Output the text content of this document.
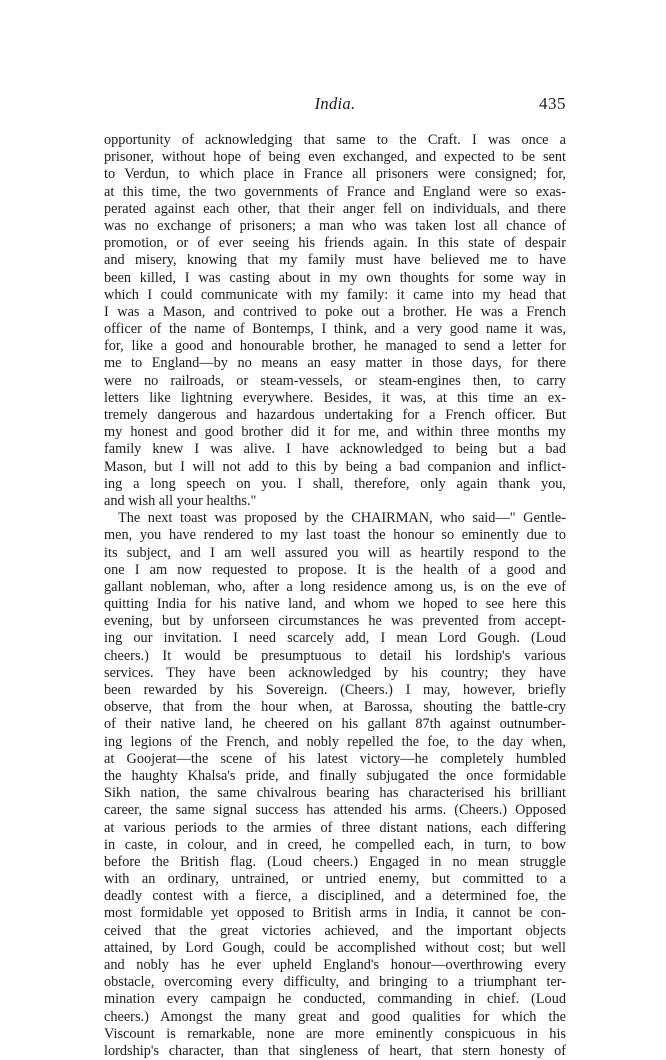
India.	435
opportunity of acknowledging that same to the Craft. I was once a
prisoner, without hope of being even exchanged, and expected to be sent
to Verdun, to which place in France all prisoners were consigned; for,
at this time, the two governments of France and England were so exas-
perated against each other, that their anger fell on individuals, and there
was no exchange of prisoners; a man who was taken lost all chance of
promotion, or of ever seeing his friends again. In this state of despair
and misery, knowing that my family must have believed me to have
been killed, I was casting about in my own thoughts for some way in
which I could communicate with my family: it came into my head that
I was a Mason, and contrived to poke out a brother. He was a French
officer of the name of Bontemps, I think, and a very good name it was,
for, like a good and honourable brother, he managed to send a letter for
me to England—by no means an easy matter in those days, for there
were no railroads, or steam-vessels, or steam-engines then, to carry
letters like lightning everywhere. Besides, it was, at this time an ex-
tremely dangerous and hazardous undertaking for a French officer. But
my honest and good brother did it for me, and within three months my
family knew I was alive. I have acknowledged to being but a bad
Mason, but I will not add to this by being a bad companion and inflict-
ing a long speech on you. I shall, therefore, only again thank you,
and wish all your healths."
The next toast was proposed by the CHAIRMAN, who said—" Gentle-
men, you have rendered to my last toast the honour so eminently due to
its subject, and I am well assured you will as heartily respond to the
one I am now requested to propose. It is the health of a good and
gallant nobleman, who, after a long residence among us, is on the eve of
quitting India for his native land, and whom we hoped to see here this
evening, but by unforseen circumstances he was prevented from accept-
ing our invitation. I need scarcely add, I mean Lord Gough. (Loud
cheers.) It would be presumptuous to detail his lordship's various
services. They have been acknowledged by his country; they have
been rewarded by his Sovereign. (Cheers.) I may, however, briefly
observe, that from the hour when, at Barossa, shouting the battle-cry
of their native land, he cheered on his gallant 87th against outnumber-
ing legions of the French, and nobly repelled the foe, to the day when,
at Goojerat—the scene of his latest victory—he completely humbled
the haughty Khalsa's pride, and finally subjugated the once formidable
Sikh nation, the same chivalrous bearing has characterised his brilliant
career, the same signal success has attended his arms. (Cheers.) Opposed
at various periods to the armies of three distant nations, each differing
in caste, in colour, and in creed, he compelled each, in turn, to bow
before the British flag. (Loud cheers.) Engaged in no mean struggle
with an ordinary, untrained, or untried enemy, but committed to a
deadly contest with a fierce, a disciplined, and a determined foe, the
most formidable yet opposed to British arms in India, it cannot be con-
ceived that the great victories achieved, and the important objects
attained, by Lord Gough, could be accomplished without cost; but well
and nobly has he ever upheld England's honour—overthrowing every
obstacle, overcoming every difficulty, and bringing to a triumphant ter-
mination every campaign he conducted, commanding in chief. (Loud
cheers.) Amongst the many great and good qualities for which the
Viscount is remarkable, none are more eminently conspicuous in his
lordship's character, than that singleness of heart, that stern honesty of
